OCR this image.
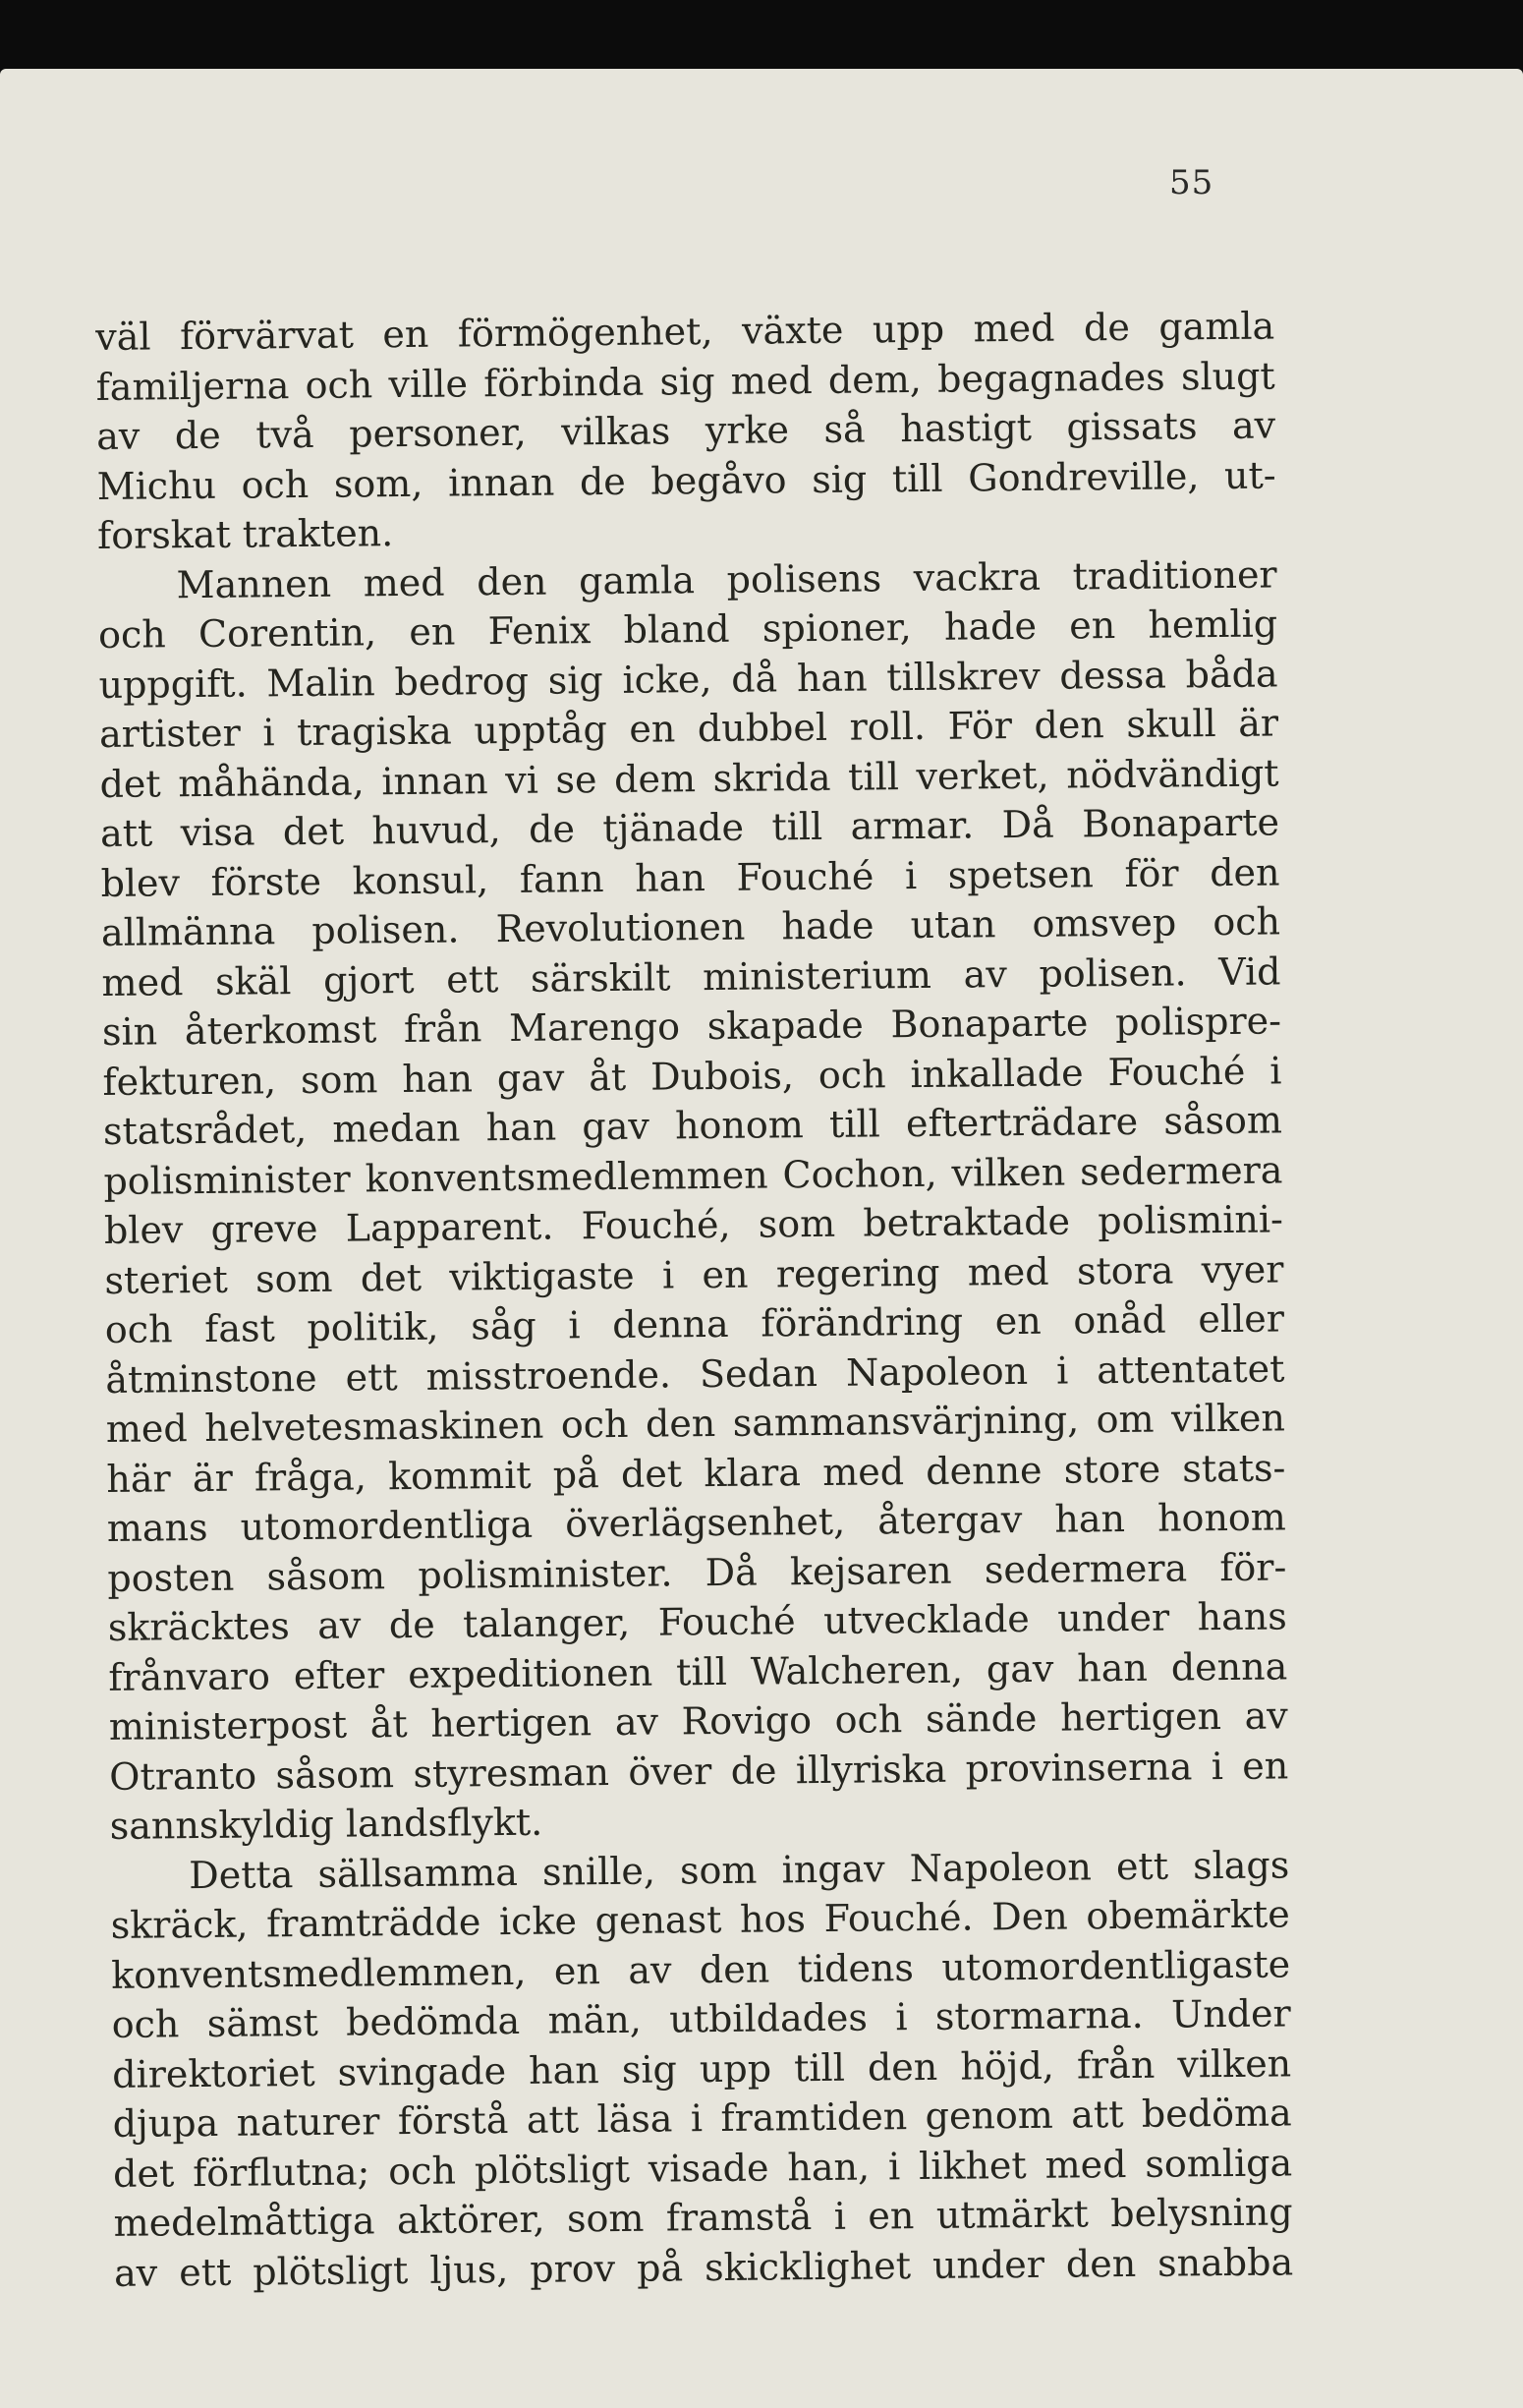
55
väl förvärvat en förmögenhet, växte upp med de gamla
familjerna och ville förbinda sig med dem, begagnades slugt
av de två personer, vilkas yrke så hastigt gissats av
Michu och som, innan de begåvo sig till Gondreville, ut-
forskat trakten.
Mannen med den gamla polisens vackra traditioner
och Corentin, en Fenix bland spioner, hade en hemlig
uppgift. Malin bedrog sig icke, då han tillskrev dessa båda
artister i tragiska upptåg en dubbel roll. För den skull är
det måhända, innan vi se dem skrida till verket, nödvändigt
att visa det huvud, de tjänade till armar. Då Bonaparte
blev förste konsul, fann han Fouché i spetsen för den
allmänna polisen. Revolutionen hade utan omsvep och
med skäl gjort ett särskilt ministerium av polisen. Vid
sin återkomst från Marengo skapade Bonaparte polispre-
fekturen, som han gav åt Dubois, och inkallade Fouché i
statsrådet, medan han gav honom till efterträdare såsom
polisminister konventsmedlemmen Cochon, vilken sedermera
blev greve Lapparent. Fouché, som betraktade polismini-
steriet som det viktigaste i en regering med stora vyer
och fast politik, såg i denna förändring en onåd eller
åtminstone ett misstroende. Sedan Napoleon i attentatet
med helvetesmaskinen och den sammansvärjning, om vilken
här är fråga, kommit på det klara med denne store stats-
mans utomordentliga överlägsenhet, återgav han honom
posten såsom polisminister. Då kejsaren sedermera för-
skräcktes av de talanger, Fouché utvecklade under hans
frånvaro efter expeditionen till Walcheren, gav han denna
ministerpost åt hertigen av Rovigo och sände hertigen av
Otranto såsom styresman över de illyriska provinserna i en
sannskyldig landsflykt.
Detta sällsamma snille, som ingav Napoleon ett slags
skräck, framträdde icke genast hos Fouché. Den obemärkte
konventsmedlemmen, en av den tidens utomordentligaste
och sämst bedömda män, utbildades i stormarna. Under
direktoriet svingade han sig upp till den höjd, från vilken
djupa naturer förstå att läsa i framtiden genom att bedöma
det förflutna; och plötsligt visade han, i likhet med somliga
medelmåttiga aktörer, som framstå i en utmärkt belysning
av ett plötsligt ljus, prov på skicklighet under den snabba
